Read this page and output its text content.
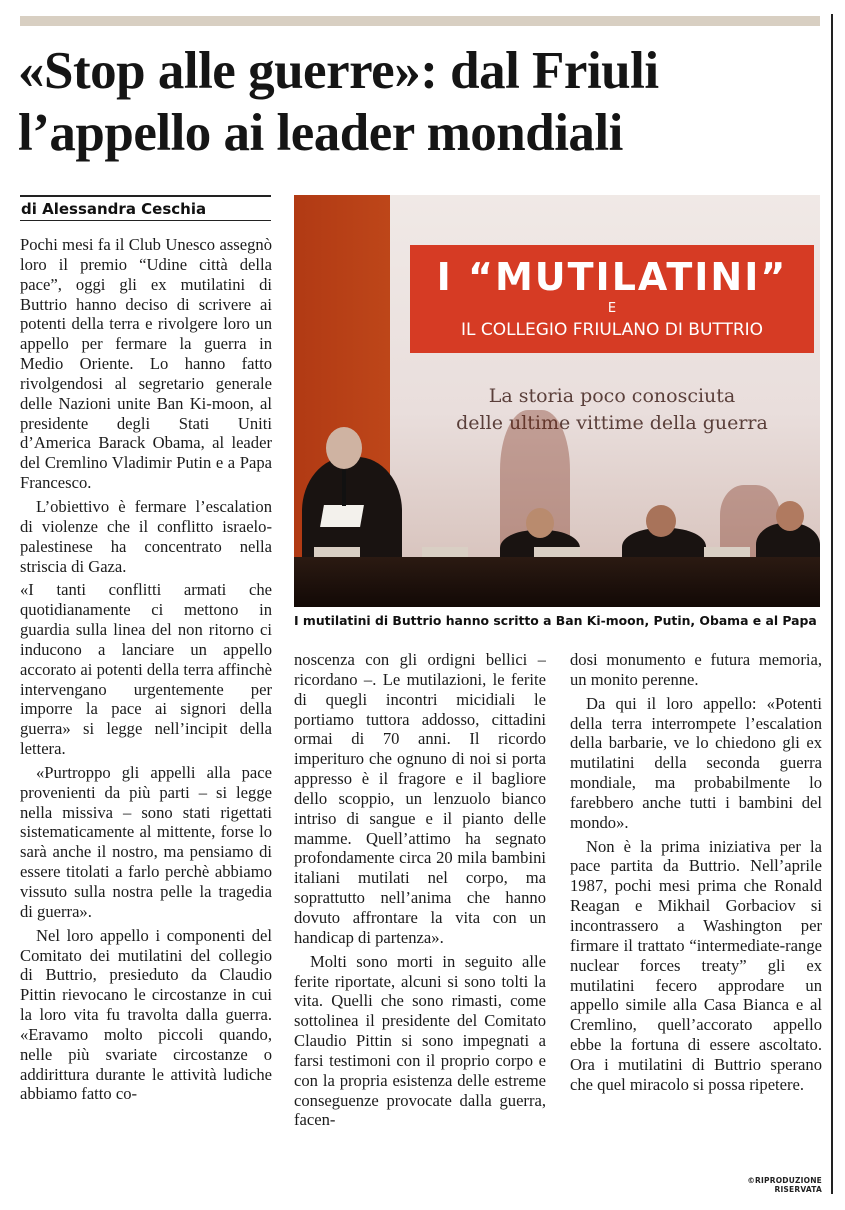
«Stop alle guerre»: dal Friuli
l’appello ai leader mondiali
di Alessandra Ceschia

Pochi mesi fa il Club Unesco assegnò loro il premio “Udine città della pace”, oggi gli ex mutilatini di Buttrio hanno deciso di scrivere ai potenti della terra e rivolgere loro un appello per fermare la guerra in Medio Oriente. Lo hanno fatto rivolgendosi al segretario generale delle Nazioni unite Ban Ki-moon, al presidente degli Stati Uniti d’America Barack Obama, al leader del Cremlino Vladimir Putin e a Papa Francesco.

L’obiettivo è fermare l’escalation di violenze che il conflitto israelo-palestinese ha concentrato nella striscia di Gaza.

«I tanti conflitti armati che quotidianamente ci mettono in guardia sulla linea del non ritorno ci inducono a lanciare un appello accorato ai potenti della terra affinchè intervengano urgentemente per imporre la pace ai signori della guerra» si legge nell’incipit della lettera.

«Purtroppo gli appelli alla pace provenienti da più parti – si legge nella missiva – sono stati rigettati sistematicamente al mittente, forse lo sarà anche il nostro, ma pensiamo di essere titolati a farlo perchè abbiamo vissuto sulla nostra pelle la tragedia di guerra».

Nel loro appello i componenti del Comitato dei mutilatini del collegio di Buttrio, presieduto da Claudio Pittin rievocano le circostanze in cui la loro vita fu travolta dalla guerra. «Eravamo molto piccoli quando, nelle più svariate circostanze o addirittura durante le attività ludiche abbiamo fatto co-

I “MUTILATINI”
E
IL COLLEGIO FRIULANO DI BUTTRIO
La storia poco conosciuta
delle ultime vittime della guerra
I mutilatini di Buttrio hanno scritto a Ban Ki-moon, Putin, Obama e al Papa

noscenza con gli ordigni bellici – ricordano –. Le mutilazioni, le ferite di quegli incontri micidiali le portiamo tuttora addosso, cittadini ormai di 70 anni. Il ricordo imperituro che ognuno di noi si porta appresso è il fragore e il bagliore dello scoppio, un lenzuolo bianco intriso di sangue e il pianto delle mamme. Quell’attimo ha segnato profondamente circa 20 mila bambini italiani mutilati nel corpo, ma soprattutto nell’anima che hanno dovuto affrontare la vita con un handicap di partenza».

Molti sono morti in seguito alle ferite riportate, alcuni si sono tolti la vita. Quelli che sono rimasti, come sottolinea il presidente del Comitato Claudio Pittin si sono impegnati a farsi testimoni con il proprio corpo e con la propria esistenza delle estreme conseguenze provocate dalla guerra, facen-

dosi monumento e futura memoria, un monito perenne.

Da qui il loro appello: «Potenti della terra interrompete l’escalation della barbarie, ve lo chiedono gli ex mutilatini della seconda guerra mondiale, ma probabilmente lo farebbero anche tutti i bambini del mondo».

Non è la prima iniziativa per la pace partita da Buttrio. Nell’aprile 1987, pochi mesi prima che Ronald Reagan e Mikhail Gorbaciov si incontrassero a Washington per firmare il trattato “intermediate-range nuclear forces treaty” gli ex mutilatini fecero approdare un appello simile alla Casa Bianca e al Cremlino, quell’accorato appello ebbe la fortuna di essere ascoltato. Ora i mutilatini di Buttrio sperano che quel miracolo si possa ripetere.

©RIPRODUZIONE RISERVATA
